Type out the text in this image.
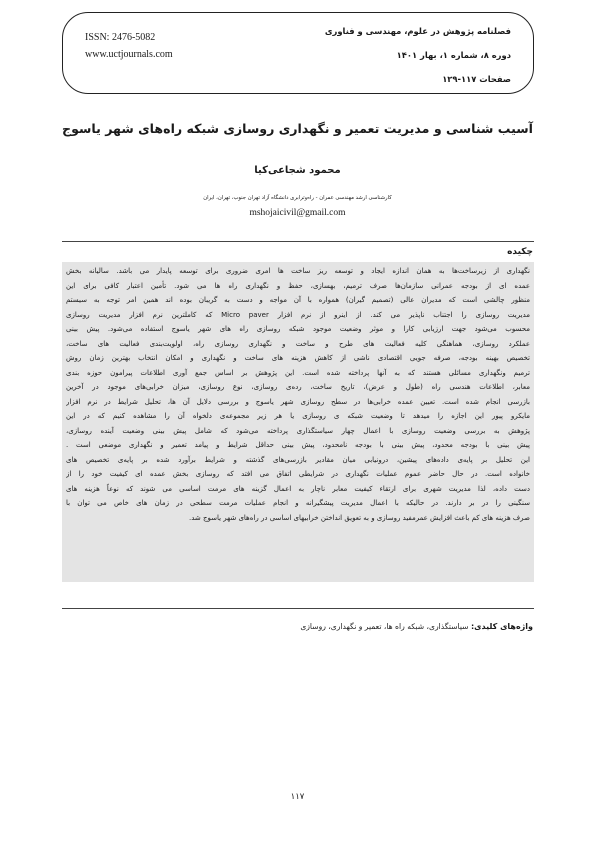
ISSN: 2476-5082
www.uctjournals.com
فصلنامه پژوهش در علوم، مهندسی و فناوری
دوره ۸، شماره ۱، بهار ۱۴۰۱
صفحات ۱۱۷-۱۲۹
آسیب شناسی و مدیریت تعمیر و نگهداری روسازی شبکه راه‌های شهر یاسوج
محمود شجاعی‌کیا
کارشناسی ارشد مهندسی عمران - راه‌وترابری دانشگاه آزاد تهران جنوب، تهران، ایران
mshojaicivil@gmail.com
چکیده
نگهداری از زیرساخت‌ها به همان اندازه ایجاد و توسعه ریز ساخت ها امری ضروری برای توسعه پایدار می باشد. سالیانه بخش
عمده ای از بودجه عمرانی سازمان‌ها صرف ترمیم، بهسازی، حفظ و نگهداری راه ها می شود. تأمین اعتبار کافی برای این
منظور چالشی است که مدیران عالی (تصمیم گیران) همواره با آن مواجه و دست به گریبان بوده اند همین امر توجه به سیستم
مدیریت روسازی را اجتناب ناپذیر می کند. از اینرو از نرم افزار Micro paver که کاملترین نرم افزار مدیریت روسازی
محسوب می‌شود جهت ارزیابی کارا و موثر وضعیت موجود شبکه روسازی راه های شهر یاسوج استفاده می‌شود. پیش بینی
عملکرد روسازی، هماهنگی کلیه فعالیت های طرح و ساخت و نگهداری روسازی راه، اولویت‌بندی فعالیت های ساخت،
تخصیص بهینه بودجه، صرفه جویی اقتصادی ناشی از کاهش هزینه های ساخت و نگهداری و امکان انتخاب بهترین زمان روش
ترمیم ونگهداری مسائلی هستند که به آنها پرداخته شده است. این پژوهش بر اساس جمع آوری اطلاعات پیرامون حوزه بندی
معابر، اطلاعات هندسی راه (طول و عرض)، تاریخ ساخت، رده‌ی روسازی، نوع روسازی، میزان خرابی‌های موجود در آخرین
بازرسی انجام شده است. تعیین عمده خرابی‌ها در سطح روسازی شهر یاسوج و بررسی دلایل آن ها، تحلیل شرایط در نرم افزار
مایکرو پیور این اجازه را میدهد تا وضعیت شبکه ی روسازی یا هر زیر مجموعه‌ی دلخواه آن را مشاهده کنیم که در این
پژوهش به بررسی وضعیت روسازی با اعمال چهار سیاستگذاری پرداخته می‌شود که شامل پیش بینی وضعیت آینده روسازی،
پیش بینی با بودجه محدود، پیش بینی با بودجه نامحدود، پیش بینی حداقل شرایط و پیامد تعمیر و نگهداری موضعی است .
این تحلیل بر پایه‌ی داده‌های پیشین، درونیابی میان مقادیر بازرسی‌های گذشته و شرایط برآورد شده بر پایه‌ی تخصیص های
خانواده است. در حال حاضر عموم عملیات نگهداری در شرایطی اتفاق می افتد که روسازی بخش عمده ای کیفیت خود را از
دست داده، لذا مدیریت شهری برای ارتقاء کیفیت معابر ناچار به اعمال گزینه های مرمت اساسی می شوند که نوعاً هزینه های
سنگینی را در بر دارند. در حالیکه با اعمال مدیریت پیشگیرانه و انجام عملیات مرمت سطحی در زمان های خاص می توان با
صرف هزینه های کم باعث افزایش عمرمفید روسازی و به تعویق انداختن خرابیهای اساسی در راه‌های شهر یاسوج شد.
واژه‌های کلیدی: سیاستگذاری، شبکه راه ها، تعمیر و نگهداری، روسازی
۱۱۷
